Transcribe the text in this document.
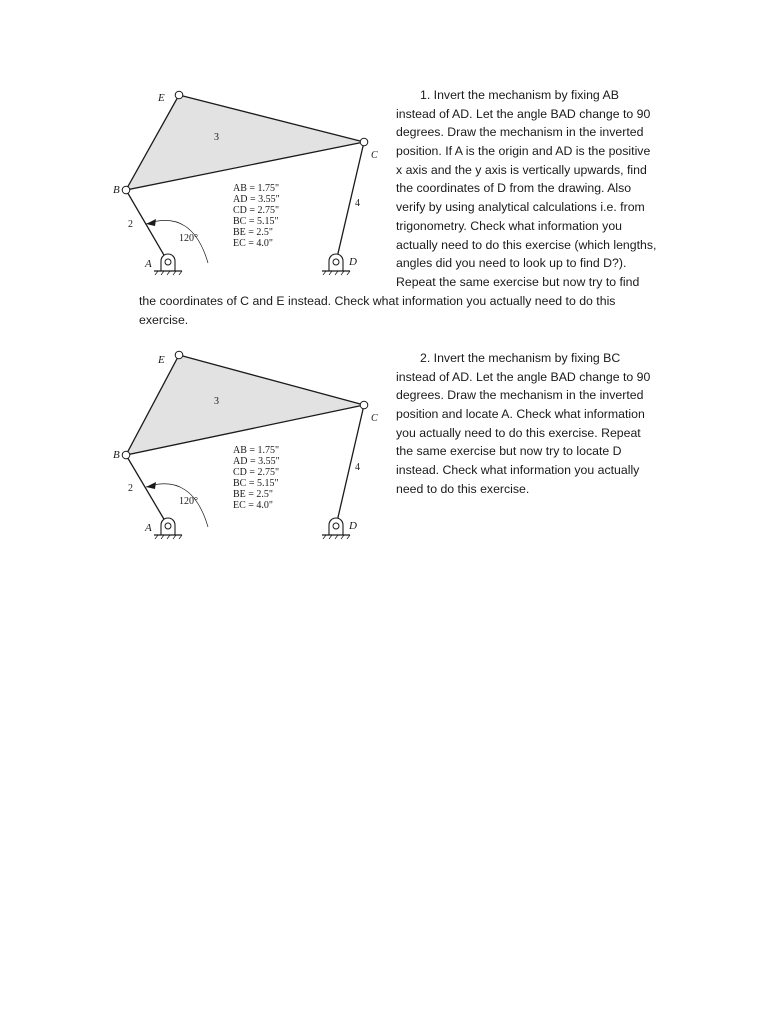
E
B
C
A	D
3
2
4
120°
AB = 1.75"
AD = 3.55"
CD = 2.75"
BC = 5.15"
BE = 2.5"
EC = 4.0"
E
B
C
A	D
3
2
4
120°
AB = 1.75"
AD = 3.55"
CD = 2.75"
BC = 5.15"
BE = 2.5"
EC = 4.0"
1. Invert the mechanism by fixing AB
instead of AD. Let the angle BAD change to 90
degrees. Draw the mechanism in the inverted
position. If A is the origin and AD is the positive
x axis and the y axis is vertically upwards, find
the coordinates of D from the drawing. Also
verify by using analytical calculations i.e. from
trigonometry. Check what information you
actually need to do this exercise (which lengths,
angles did you need to look up to find D?).
Repeat the same exercise but now try to find
the coordinates of C and E instead. Check what information you actually need to do this
exercise.
2. Invert the mechanism by fixing BC
instead of AD. Let the angle BAD change to 90
degrees. Draw the mechanism in the inverted
position and locate A. Check what information
you actually need to do this exercise. Repeat
the same exercise but now try to locate D
instead. Check what information you actually
need to do this exercise.
